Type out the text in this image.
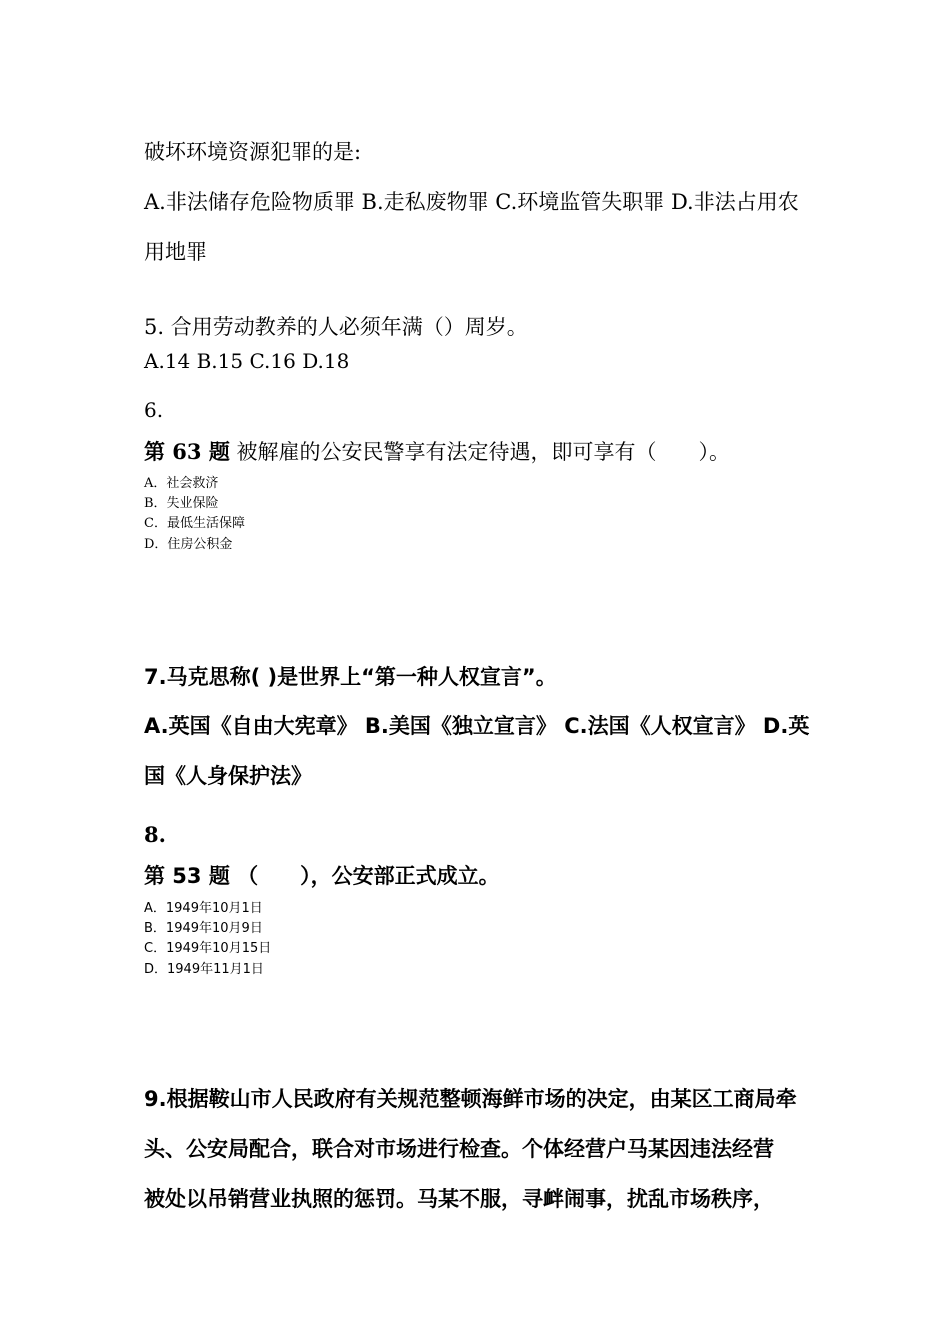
破坏环境资源犯罪的是:
A.非法储存危险物质罪 B.走私废物罪 C.环境监管失职罪 D.非法占用农
用地罪
5. 合用劳动教养的人必须年满（）周岁。
A.14 B.15 C.16 D.18
6.
第 63 题 被解雇的公安民警享有法定待遇，即可享有（　　）。
A．社会救济
B．失业保险
C．最低生活保障
D．住房公积金
7.马克思称( )是世界上“第一种人权宣言”。
A.英国《自由大宪章》 B.美国《独立宣言》 C.法国《人权宣言》 D.英
国《人身保护法》
8.
第 53 题 （　　），公安部正式成立。
A．1949年10月1日
B．1949年10月9日
C．1949年10月15日
D．1949年11月1日
9.根据鞍山市人民政府有关规范整顿海鲜市场的决定，由某区工商局牵
头、公安局配合，联合对市场进行检查。个体经营户马某因违法经营
被处以吊销营业执照的惩罚。马某不服，寻衅闹事，扰乱市场秩序，
